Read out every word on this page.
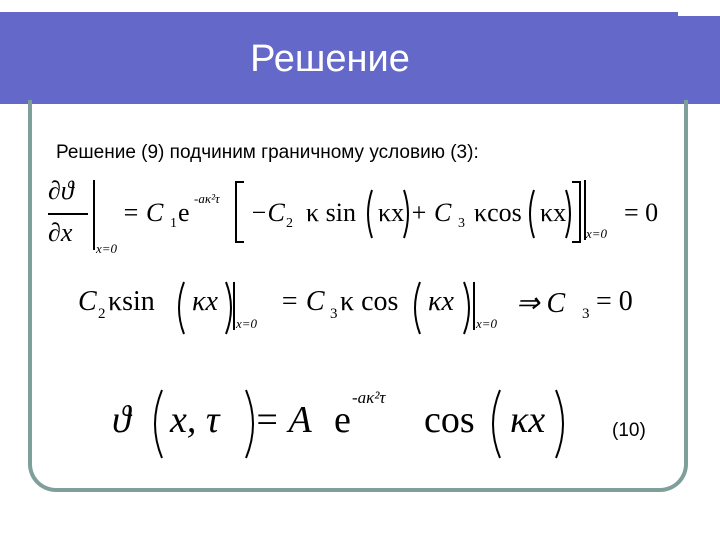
Решение
Решение (9) подчиним граничному условию (3):
∂ϑ
∂x
x=0
= C 1 e -aκ²τ −C 2 κ sin κx + C 3 κcos κx
x=0
= 0
C 2 κsin κx
x=0
= C 3 κ cos κx
x=0
⇒ C 3 = 0
ϑ x, τ = A e
-aκ²τ
cos κx	(10)
